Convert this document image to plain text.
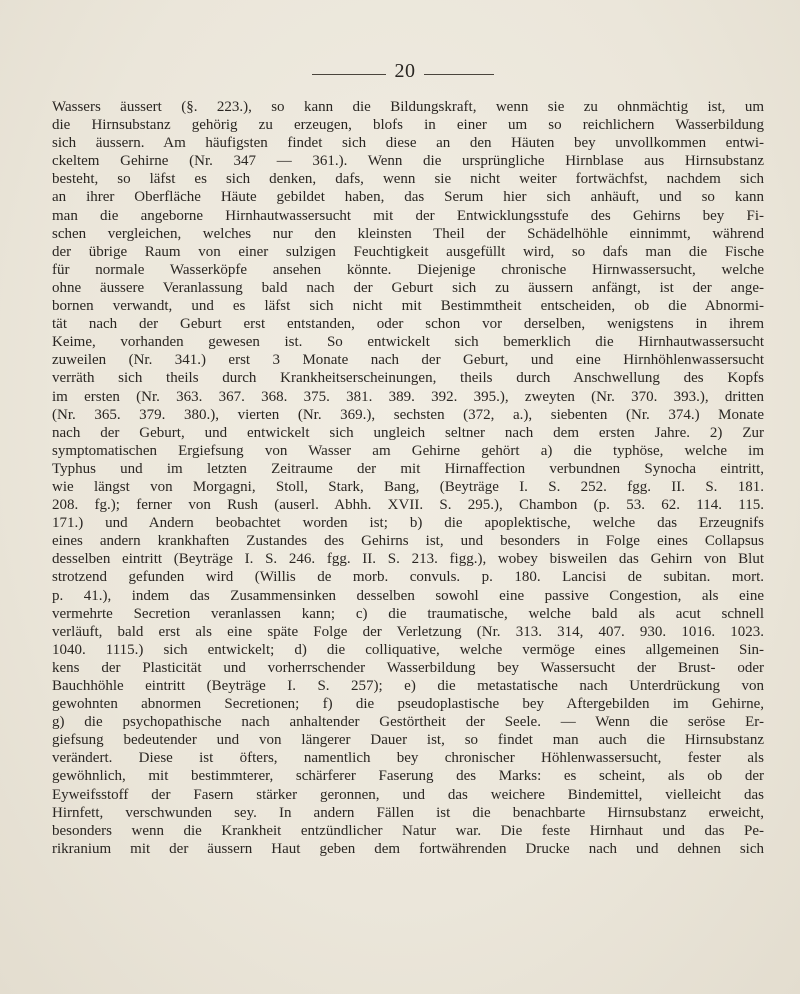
20
Wassers äussert (§. 223.), so kann die Bildungskraft, wenn sie zu ohnmächtig ist, um
die Hirnsubstanz gehörig zu erzeugen, blofs in einer um so reichlichern Wasserbildung
sich äussern. Am häufigsten findet sich diese an den Häuten bey unvollkommen entwi-
ckeltem Gehirne (Nr. 347 — 361.). Wenn die ursprüngliche Hirnblase aus Hirnsubstanz
besteht, so läfst es sich denken, dafs, wenn sie nicht weiter fortwächfst, nachdem sich
an ihrer Oberfläche Häute gebildet haben, das Serum hier sich anhäuft, und so kann
man die angeborne Hirnhautwassersucht mit der Entwicklungsstufe des Gehirns bey Fi-
schen vergleichen, welches nur den kleinsten Theil der Schädelhöhle einnimmt, während
der übrige Raum von einer sulzigen Feuchtigkeit ausgefüllt wird, so dafs man die Fische
für normale Wasserköpfe ansehen könnte. Diejenige chronische Hirnwassersucht, welche
ohne äussere Veranlassung bald nach der Geburt sich zu äussern anfängt, ist der ange-
bornen verwandt, und es läfst sich nicht mit Bestimmtheit entscheiden, ob die Abnormi-
tät nach der Geburt erst entstanden, oder schon vor derselben, wenigstens in ihrem
Keime, vorhanden gewesen ist. So entwickelt sich bemerklich die Hirnhautwassersucht
zuweilen (Nr. 341.) erst 3 Monate nach der Geburt, und eine Hirnhöhlenwassersucht
verräth sich theils durch Krankheitserscheinungen, theils durch Anschwellung des Kopfs
im ersten (Nr. 363. 367. 368. 375. 381. 389. 392. 395.), zweyten (Nr. 370. 393.), dritten
(Nr. 365. 379. 380.), vierten (Nr. 369.), sechsten (372, a.), siebenten (Nr. 374.) Monate
nach der Geburt, und entwickelt sich ungleich seltner nach dem ersten Jahre. 2) Zur
symptomatischen Ergiefsung von Wasser am Gehirne gehört a) die typhöse, welche im
Typhus und im letzten Zeitraume der mit Hirnaffection verbundnen Synocha eintritt,
wie längst von Morgagni, Stoll, Stark, Bang, (Beyträge I. S. 252. fgg. II. S. 181.
208. fg.); ferner von Rush (auserl. Abhh. XVII. S. 295.), Chambon (p. 53. 62. 114. 115.
171.) und Andern beobachtet worden ist; b) die apoplektische, welche das Erzeugnifs
eines andern krankhaften Zustandes des Gehirns ist, und besonders in Folge eines Collapsus
desselben eintritt (Beyträge I. S. 246. fgg. II. S. 213. figg.), wobey bisweilen das Gehirn von Blut
strotzend gefunden wird (Willis de morb. convuls. p. 180. Lancisi de subitan. mort.
p. 41.), indem das Zusammensinken desselben sowohl eine passive Congestion, als eine
vermehrte Secretion veranlassen kann; c) die traumatische, welche bald als acut schnell
verläuft, bald erst als eine späte Folge der Verletzung (Nr. 313. 314, 407. 930. 1016. 1023.
1040. 1115.) sich entwickelt; d) die colliquative, welche vermöge eines allgemeinen Sin-
kens der Plasticität und vorherrschender Wasserbildung bey Wassersucht der Brust- oder
Bauchhöhle eintritt (Beyträge I. S. 257); e) die metastatische nach Unterdrückung von
gewohnten abnormen Secretionen; f) die pseudoplastische bey Aftergebilden im Gehirne,
g) die psychopathische nach anhaltender Gestörtheit der Seele. — Wenn die seröse Er-
giefsung bedeutender und von längerer Dauer ist, so findet man auch die Hirnsubstanz
verändert. Diese ist öfters, namentlich bey chronischer Höhlenwassersucht, fester als
gewöhnlich, mit bestimmterer, schärferer Faserung des Marks: es scheint, als ob der
Eyweifsstoff der Fasern stärker geronnen, und das weichere Bindemittel, vielleicht das
Hirnfett, verschwunden sey. In andern Fällen ist die benachbarte Hirnsubstanz erweicht,
besonders wenn die Krankheit entzündlicher Natur war. Die feste Hirnhaut und das Pe-
rikranium mit der äussern Haut geben dem fortwährenden Drucke nach und dehnen sich
